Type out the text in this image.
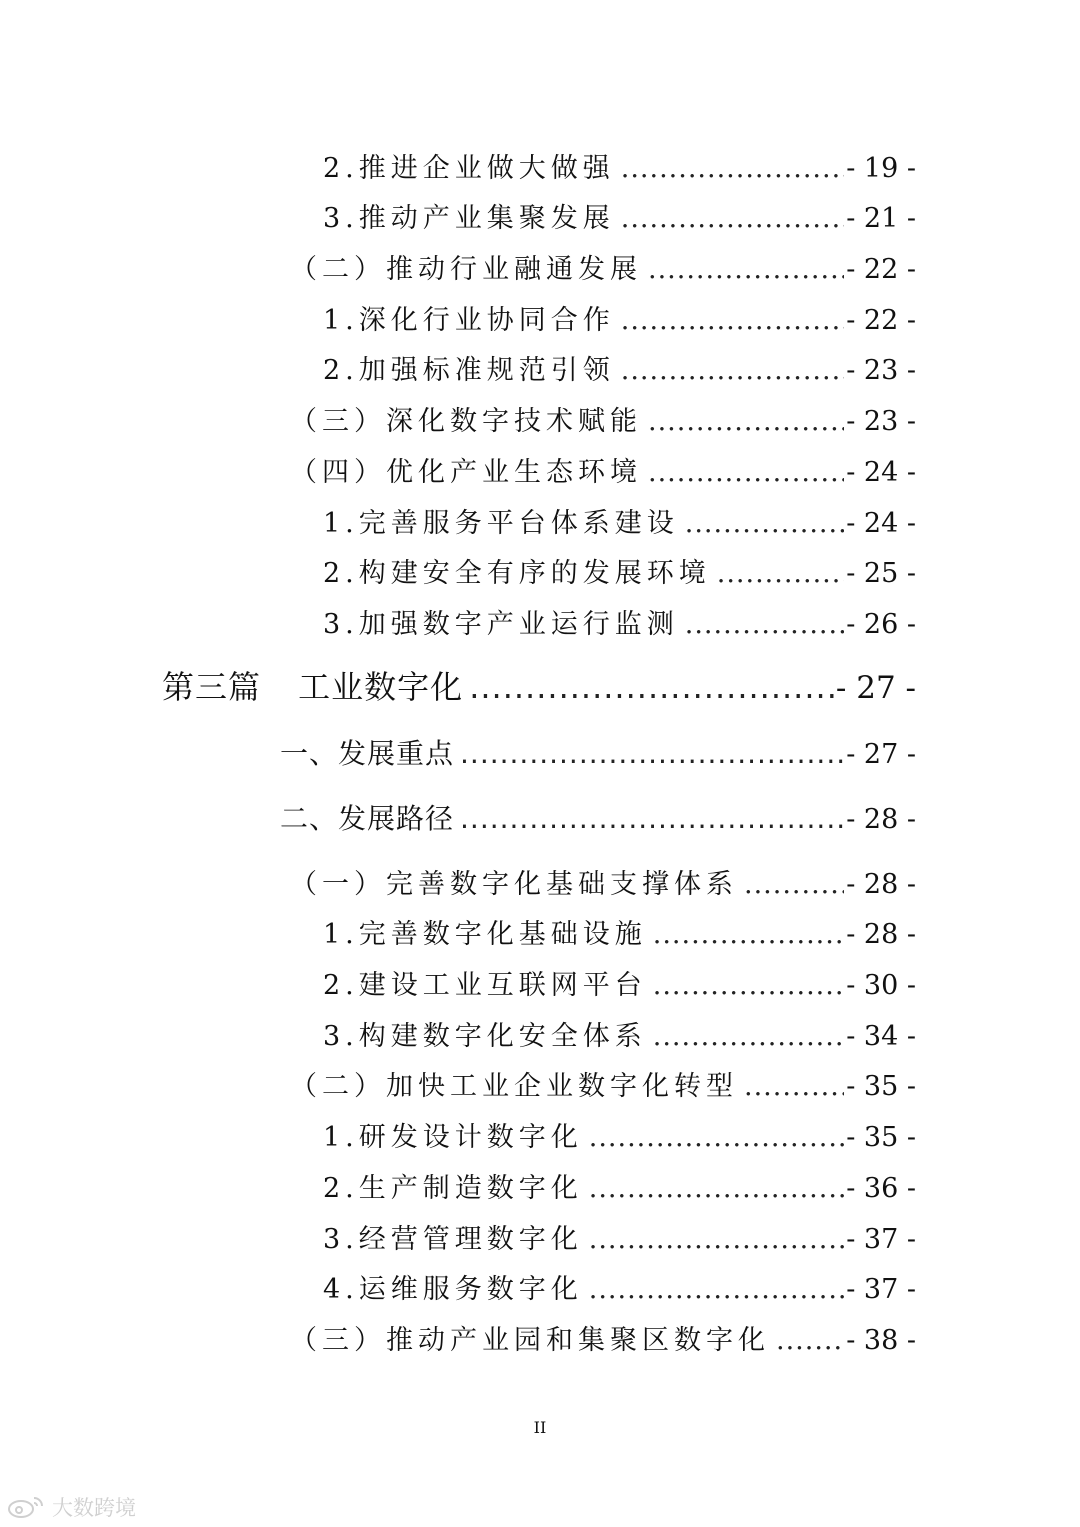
2.推进企业做大做强 .....	- 19 -
3.推动产业集聚发展 .....	- 21 -
（二）推动行业融通发展 .....	- 22 -
1.深化行业协同合作 .....	- 22 -
2.加强标准规范引领 .....	- 23 -
（三）深化数字技术赋能 .....	- 23 -
（四）优化产业生态环境 .....	- 24 -
1.完善服务平台体系建设 .....	- 24 -
2.构建安全有序的发展环境 .....	- 25 -
3.加强数字产业运行监测 .....	- 26 -
第三篇 工业数字化 .....	- 27 -
一、发展重点 .....	- 27 -
二、发展路径 .....	- 28 -
（一）完善数字化基础支撑体系 .....	- 28 -
1.完善数字化基础设施 .....	- 28 -
2.建设工业互联网平台 .....	- 30 -
3.构建数字化安全体系 .....	- 34 -
（二）加快工业企业数字化转型 .....	- 35 -
1.研发设计数字化 .....	- 35 -
2.生产制造数字化 .....	- 36 -
3.经营管理数字化 .....	- 37 -
4.运维服务数字化 .....	- 37 -
（三）推动产业园和集聚区数字化 .....	- 38 -
II
大数跨境
